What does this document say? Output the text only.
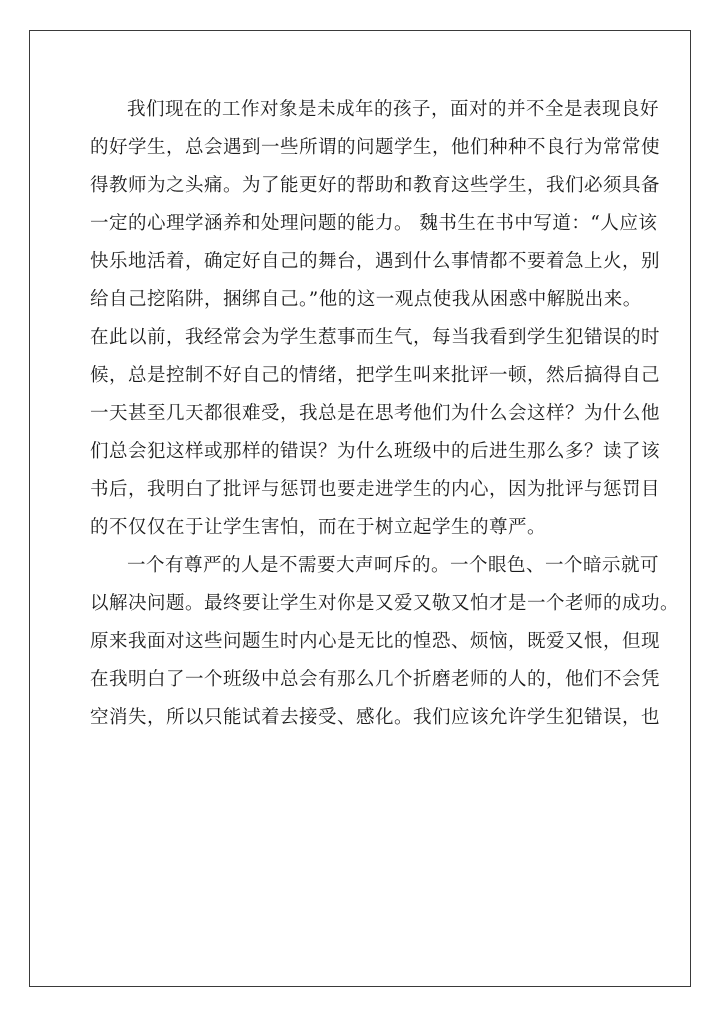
我们现在的工作对象是未成年的孩子，面对的并不全是表现良好
的好学生，总会遇到一些所谓的问题学生，他们种种不良行为常常使
得教师为之头痛。为了能更好的帮助和教育这些学生，我们必须具备
一定的心理学涵养和处理问题的能力。 魏书生在书中写道：“人应该
快乐地活着，确定好自己的舞台，遇到什么事情都不要着急上火，别
给自己挖陷阱，捆绑自己。”他的这一观点使我从困惑中解脱出来。
在此以前，我经常会为学生惹事而生气，每当我看到学生犯错误的时
候，总是控制不好自己的情绪，把学生叫来批评一顿，然后搞得自己
一天甚至几天都很难受，我总是在思考他们为什么会这样？为什么他
们总会犯这样或那样的错误？为什么班级中的后进生那么多？读了该
书后，我明白了批评与惩罚也要走进学生的内心，因为批评与惩罚目
的不仅仅在于让学生害怕，而在于树立起学生的尊严。
一个有尊严的人是不需要大声呵斥的。一个眼色、一个暗示就可
以解决问题。最终要让学生对你是又爱又敬又怕才是一个老师的成功。
原来我面对这些问题生时内心是无比的惶恐、烦恼，既爱又恨，但现
在我明白了一个班级中总会有那么几个折磨老师的人的，他们不会凭
空消失，所以只能试着去接受、感化。我们应该允许学生犯错误，也
